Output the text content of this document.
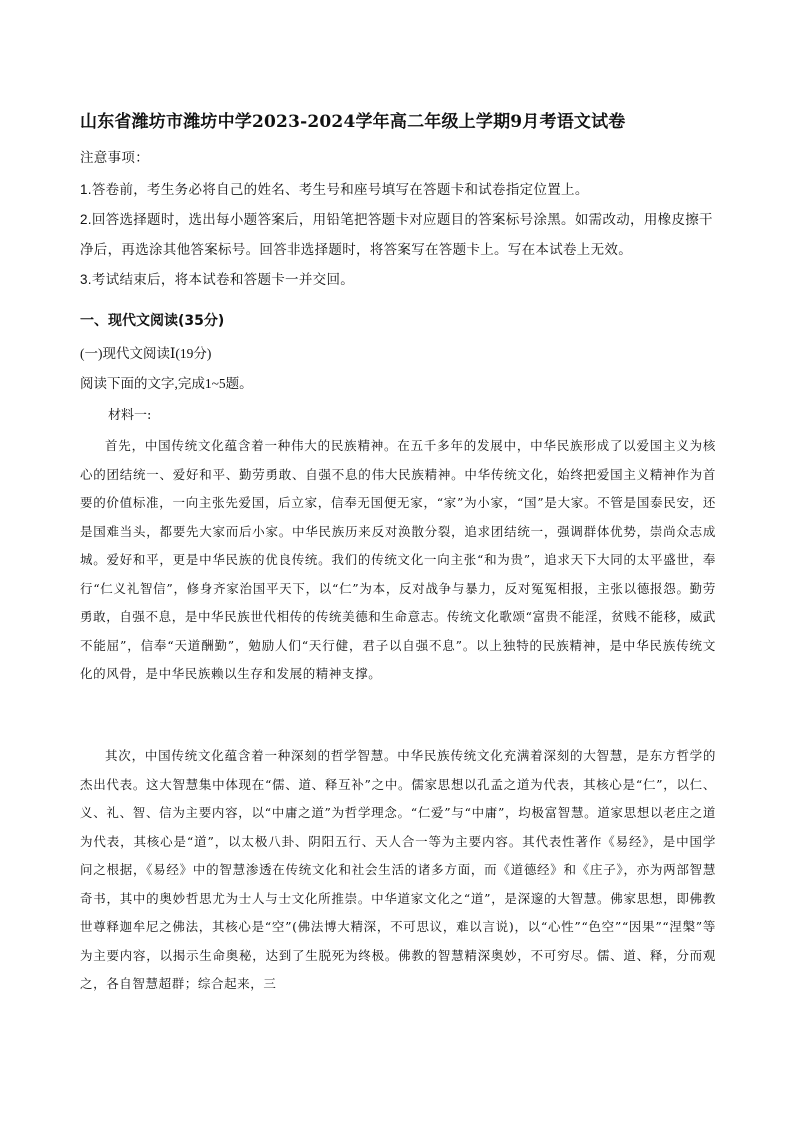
山东省潍坊市潍坊中学2023-2024学年高二年级上学期9月考语文试卷
注意事项：
1.答卷前，考生务必将自己的姓名、考生号和座号填写在答题卡和试卷指定位置上。
2.回答选择题时，选出每小题答案后，用铅笔把答题卡对应题目的答案标号涂黑。如需改动，用橡皮擦干
净后，再选涂其他答案标号。回答非选择题时，将答案写在答题卡上。写在本试卷上无效。
3.考试结束后，将本试卷和答题卡一并交回。
一、现代文阅读(35分)
(一)现代文阅读Ⅰ(19分)
阅读下面的文字,完成1~5题。
材料一:

首先，中国传统文化蕴含着一种伟大的民族精神。在五千多年的发展中，中华民族形成了以爱国主义为核心的团结统一、爱好和平、勤劳勇敢、自强不息的伟大民族精神。中华传统文化，始终把爱国主义精神作为首要的价值标准，一向主张先爱国，后立家，信奉无国便无家，“家”为小家，“国”是大家。不管是国泰民安，还是国难当头，都要先大家而后小家。中华民族历来反对涣散分裂，追求团结统一，强调群体优势，崇尚众志成城。爱好和平，更是中华民族的优良传统。我们的传统文化一向主张“和为贵”，追求天下大同的太平盛世，奉行“仁义礼智信”，修身齐家治国平天下，以“仁”为本，反对战争与暴力，反对冤冤相报，主张以德报怨。勤劳勇敢，自强不息，是中华民族世代相传的传统美德和生命意志。传统文化歌颂“富贵不能淫，贫贱不能移，威武不能屈”，信奉“天道酬勤”，勉励人们“天行健，君子以自强不息”。以上独特的民族精神，是中华民族传统文化的风骨，是中华民族赖以生存和发展的精神支撑。

其次，中国传统文化蕴含着一种深刻的哲学智慧。中华民族传统文化充满着深刻的大智慧，是东方哲学的杰出代表。这大智慧集中体现在“儒、道、释互补”之中。儒家思想以孔孟之道为代表，其核心是“仁”，以仁、义、礼、智、信为主要内容，以“中庸之道”为哲学理念。“仁爱”与“中庸”，均极富智慧。道家思想以老庄之道为代表，其核心是“道”，以太极八卦、阴阳五行、天人合一等为主要内容。其代表性著作《易经》，是中国学问之根据，《易经》中的智慧渗透在传统文化和社会生活的诸多方面，而《道德经》和《庄子》，亦为两部智慧奇书，其中的奥妙哲思尤为士人与士文化所推崇。中华道家文化之“道”，是深邃的大智慧。佛家思想，即佛教世尊释迦牟尼之佛法，其核心是“空”(佛法博大精深，不可思议，难以言说)，以“心性”“色空”“因果”“涅槃”等为主要内容，以揭示生命奥秘，达到了生脱死为终极。佛教的智慧精深奥妙，不可穷尽。儒、道、释，分而观之，各自智慧超群；综合起来，三
